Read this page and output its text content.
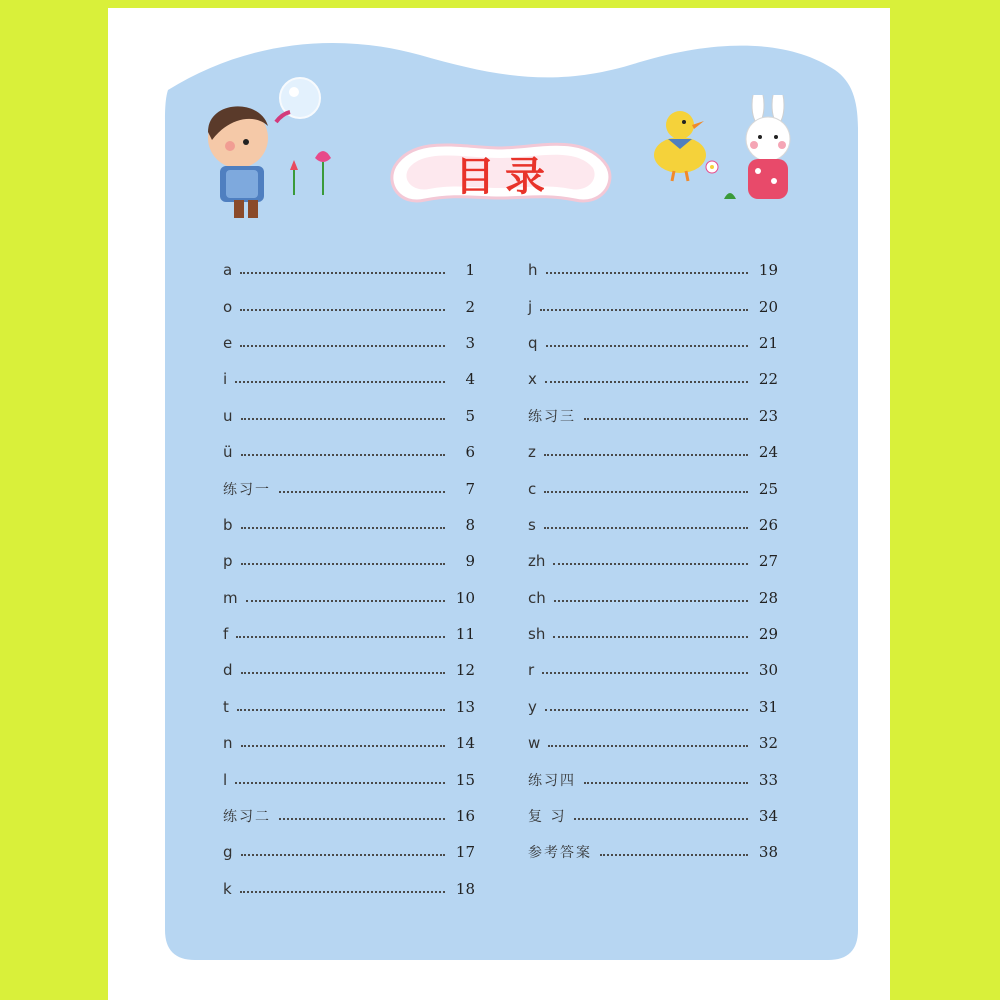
目录
a	1
o	2
e	3
i	4
u	5
ü	6
练习一	7
b	8
p	9
m	10
f	11
d	12
t	13
n	14
l	15
练习二	16
g	17
k	18
h	19
j	20
q	21
x	22
练习三	23
z	24
c	25
s	26
zh	27
ch	28
sh	29
r	30
y	31
w	32
练习四	33
复 习	34
参考答案	38
